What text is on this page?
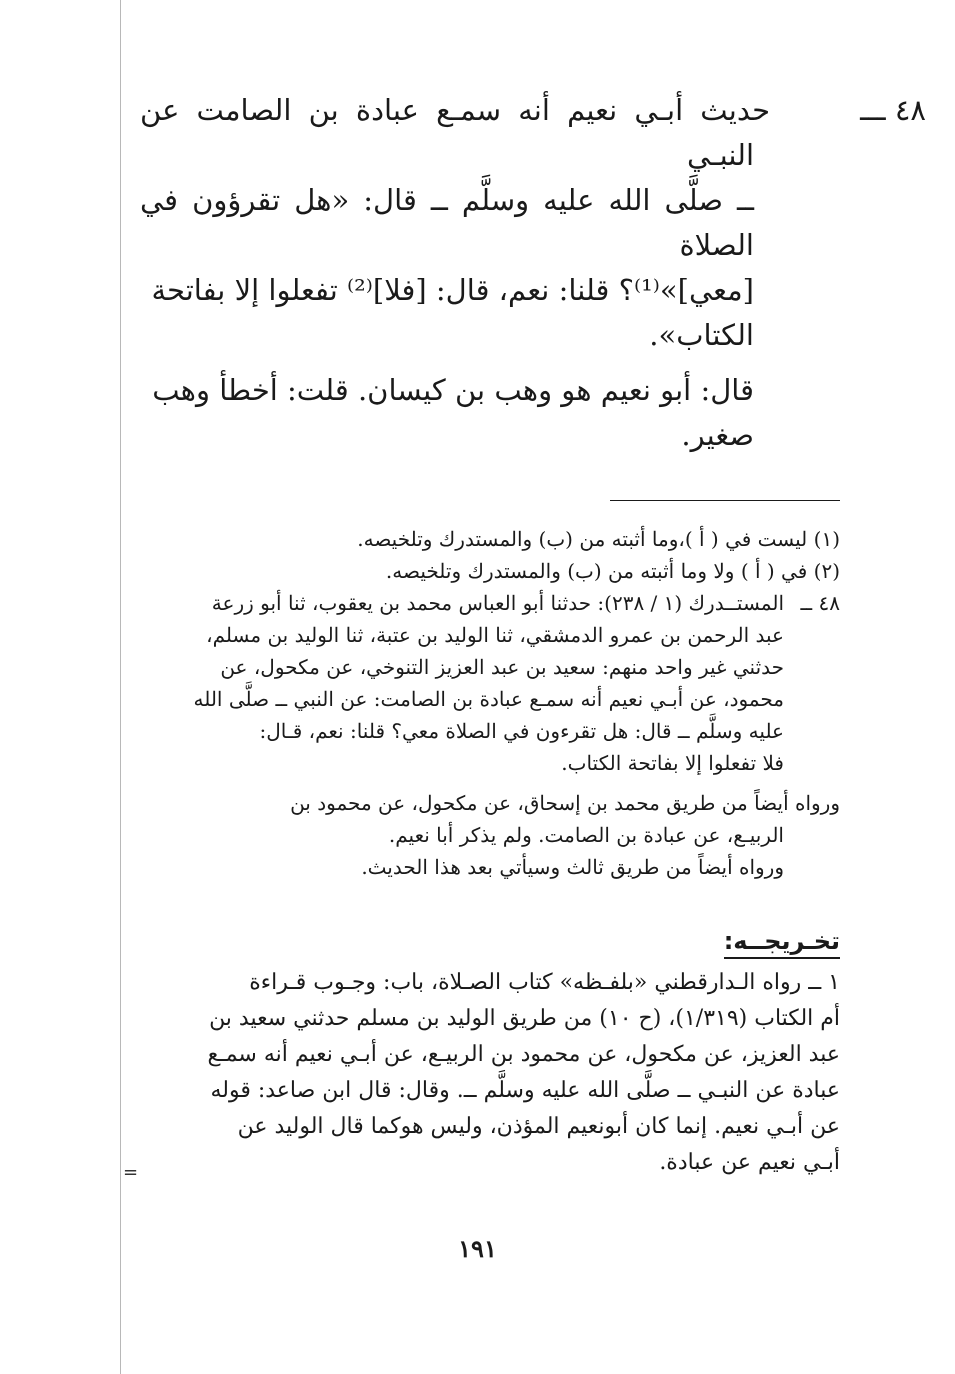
=

٤٨ ـــحديث أبـي نعيم أنه سمـع عبادة بن الصامت عن النبـي

ــ صلَّى الله عليه وسلَّم ــ قال: «هل تقرؤون في الصلاة

[معي]»⁽¹⁾؟ قلنا: نعم، قال: [فلا]⁽²⁾ تفعلوا إلا بفاتحة

الكتاب».

قال: أبو نعيم هو وهب بن كيسان. قلت: أخطأ وهب
صغير.

(١) ليست في ( أ )،وما أثبته من (ب) والمستدرك وتلخيصه.

(٢) في ( أ ) ولا وما أثبته من (ب) والمستدرك وتلخيصه.

٤٨ ــالمستــدرك (١ / ٢٣٨): حدثنا أبو العباس محمد بن يعقوب، ثنا أبو زرعة

عبد الرحمن بن عمرو الدمشقي، ثنا الوليد بن عتبة، ثنا الوليد بن مسلم،

حدثني غير واحد منهم: سعيد بن عبد العزيز التنوخي، عن مكحول، عن

محمود، عن أبـي نعيم أنه سمـع عبادة بن الصامت: عن النبي ــ صلَّى الله

عليه وسلَّم ــ قال: هل تقرءون في الصلاة معي؟ قلنا: نعم، قـال:

فلا تفعلوا إلا بفاتحة الكتاب.

ورواه أيضاً من طريق محمد بن إسحاق، عن مكحول، عن محمود بن

الربيـع، عن عبادة بن الصامت. ولم يذكر أبا نعيم.

ورواه أيضاً من طريق ثالث وسيأتي بعد هذا الحديث.

تخـريجــه:

١ ــ رواه الـدارقطني «بلفـظه» كتاب الصـلاة، باب: وجـوب قـراءة

أم الكتاب (١/٣١٩)، (ح ١٠) من طريق الوليد بن مسلم حدثني سعيد بن

عبد العزيز، عن مكحول، عن محمود بن الربيـع، عن أبـي نعيم أنه سمـع

عبادة عن النبـي ــ صلَّى الله عليه وسلَّم ــ. وقال: قال ابن صاعد: قوله

عن أبـي نعيم. إنما كان أبونعيم المؤذن، وليس هوكما قال الوليد عن

أبـي نعيم عن عبادة.

١٩١
